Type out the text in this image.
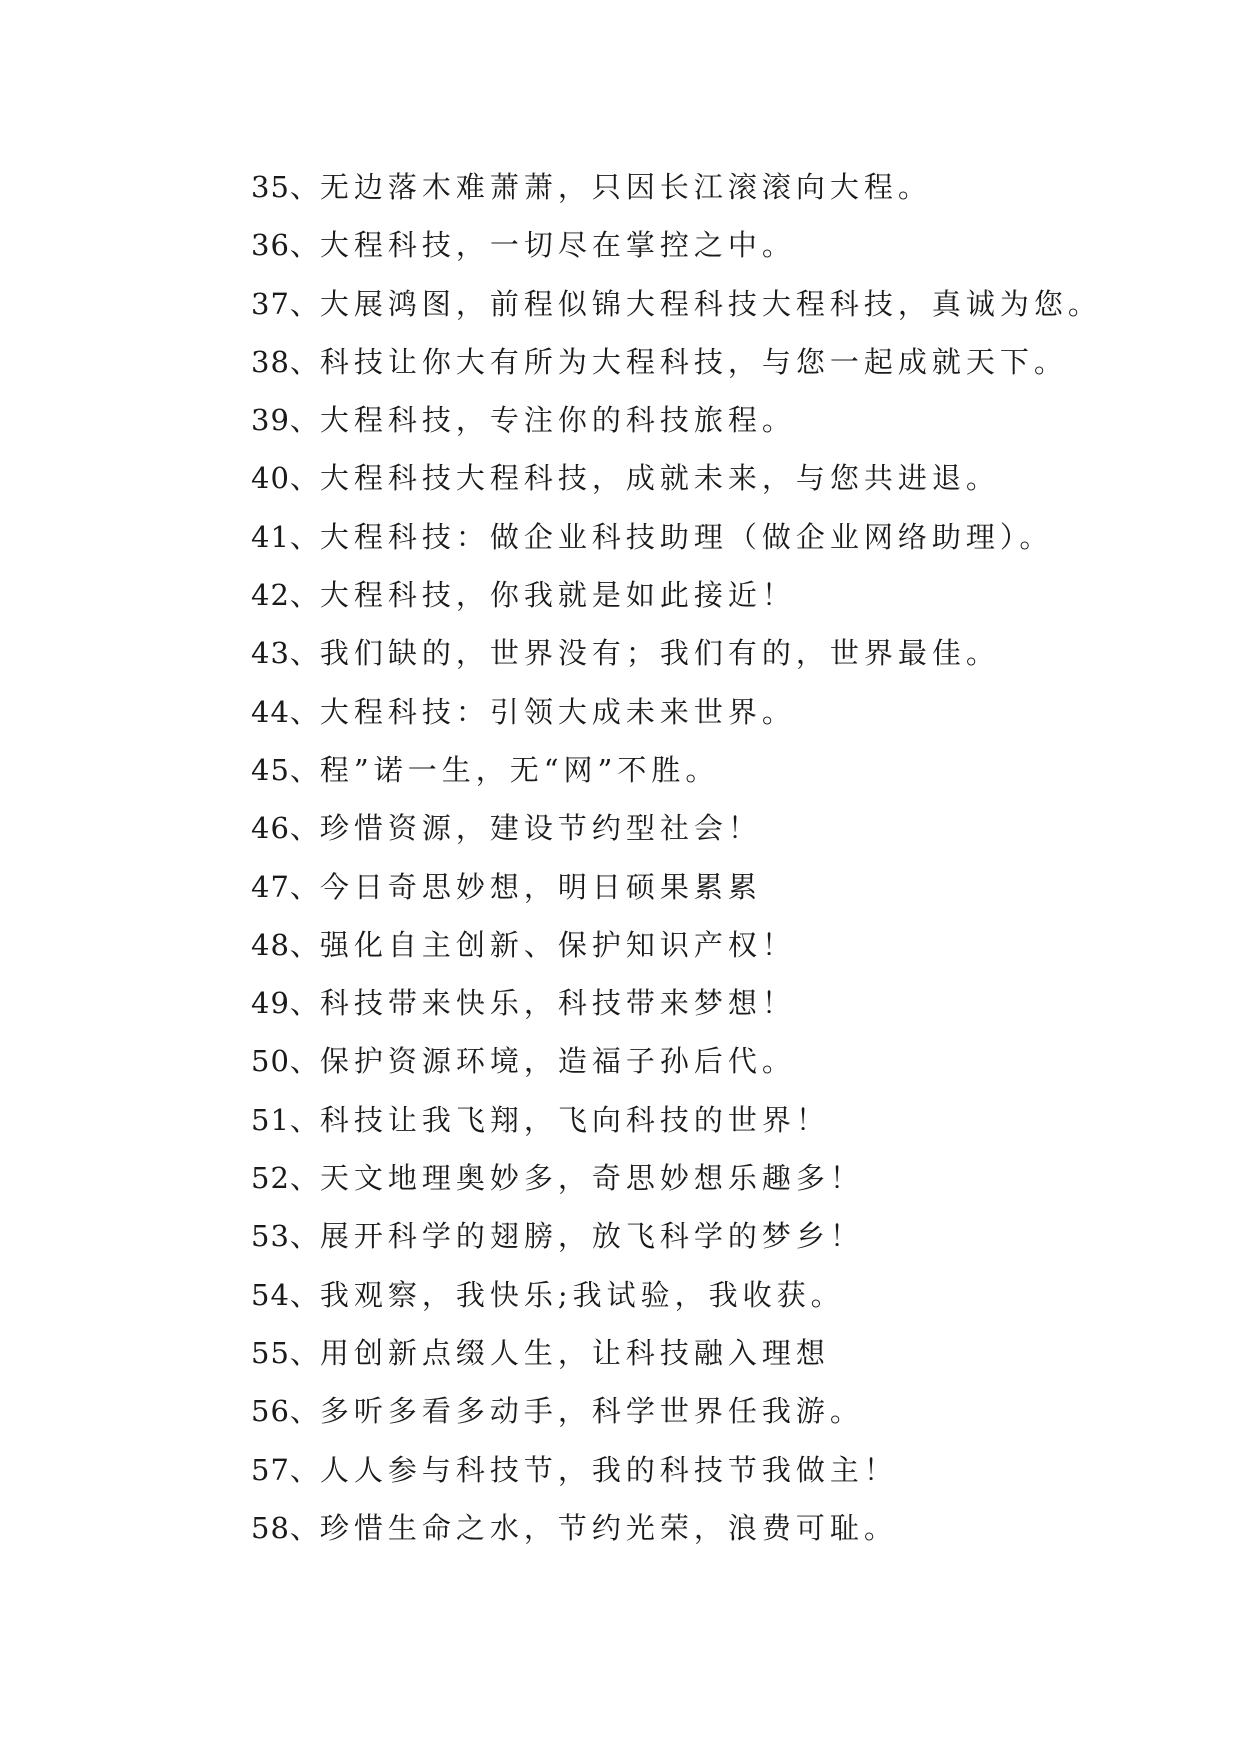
35、无边落木难萧萧，只因长江滚滚向大程。

36、大程科技，一切尽在掌控之中。

37、大展鸿图，前程似锦大程科技大程科技，真诚为您。

38、科技让你大有所为大程科技，与您一起成就天下。

39、大程科技，专注你的科技旅程。

40、大程科技大程科技，成就未来，与您共进退。

41、大程科技：做企业科技助理（做企业网络助理）。

42、大程科技，你我就是如此接近！

43、我们缺的，世界没有；我们有的，世界最佳。

44、大程科技：引领大成未来世界。

45、程”诺一生，无“网”不胜。

46、珍惜资源，建设节约型社会！

47、今日奇思妙想，明日硕果累累

48、强化自主创新、保护知识产权！

49、科技带来快乐，科技带来梦想！

50、保护资源环境，造福子孙后代。

51、科技让我飞翔，飞向科技的世界！

52、天文地理奥妙多，奇思妙想乐趣多！

53、展开科学的翅膀，放飞科学的梦乡！

54、我观察，我快乐;我试验，我收获。

55、用创新点缀人生，让科技融入理想

56、多听多看多动手，科学世界任我游。

57、人人参与科技节，我的科技节我做主！

58、珍惜生命之水，节约光荣，浪费可耻。
